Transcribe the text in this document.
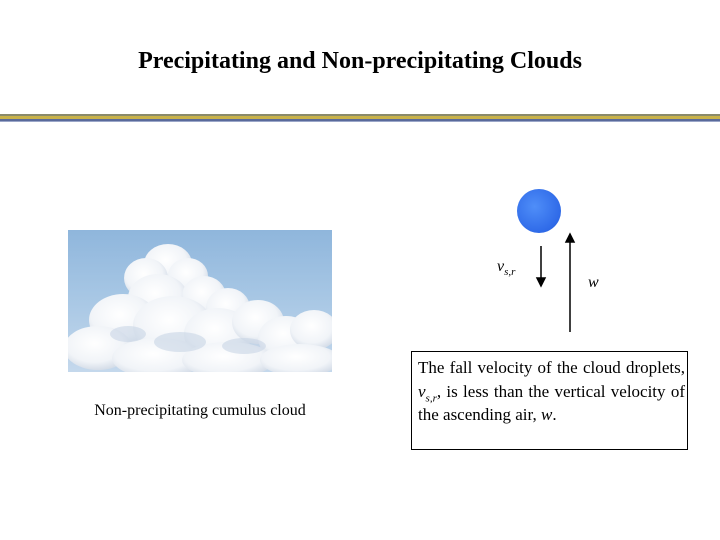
Precipitating and Non-precipitating Clouds
Non-precipitating cumulus cloud
$v_{s,r}$
w
The fall velocity of the cloud droplets, $v_{s,r}$, is less than the vertical velocity of the ascending air, w.
